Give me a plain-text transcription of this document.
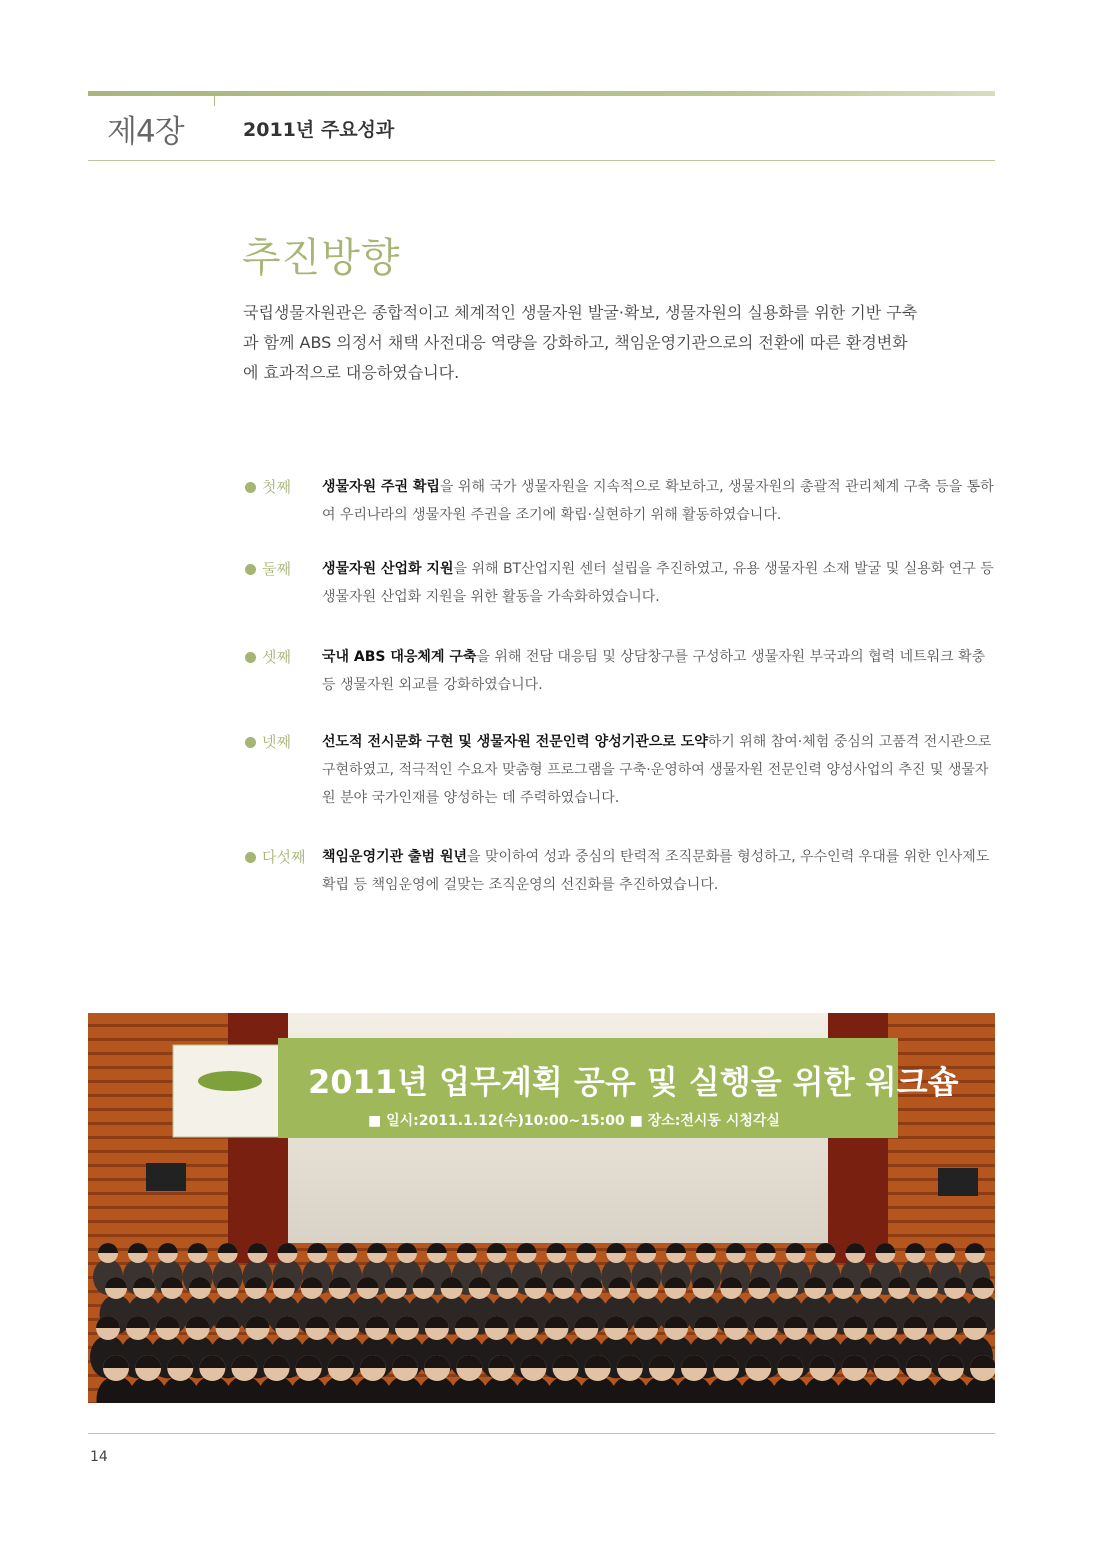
제4장	2011년 주요성과
추진방향
국립생물자원관은 종합적이고 체계적인 생물자원 발굴·확보, 생물자원의 실용화를 위한 기반 구축과 함께 ABS 의정서 채택 사전대응 역량을 강화하고, 책임운영기관으로의 전환에 따른 환경변화에 효과적으로 대응하였습니다.
첫째 생물자원 주권 확립을 위해 국가 생물자원을 지속적으로 확보하고, 생물자원의 총괄적 관리체계 구축 등을 통하여 우리나라의 생물자원 주권을 조기에 확립·실현하기 위해 활동하였습니다.
둘째 생물자원 산업화 지원을 위해 BT산업지원 센터 설립을 추진하였고, 유용 생물자원 소재 발굴 및 실용화 연구 등 생물자원 산업화 지원을 위한 활동을 가속화하였습니다.
셋째 국내 ABS 대응체계 구축을 위해 전담 대응팀 및 상담창구를 구성하고 생물자원 부국과의 협력 네트워크 확충 등 생물자원 외교를 강화하였습니다.
넷째 선도적 전시문화 구현 및 생물자원 전문인력 양성기관으로 도약하기 위해 참여·체험 중심의 고품격 전시관으로 구현하였고, 적극적인 수요자 맞춤형 프로그램을 구축·운영하여 생물자원 전문인력 양성사업의 추진 및 생물자원 분야 국가인재를 양성하는 데 주력하였습니다.
다섯째 책임운영기관 출범 원년을 맞이하여 성과 중심의 탄력적 조직문화를 형성하고, 우수인력 우대를 위한 인사제도 확립 등 책임운영에 걸맞는 조직운영의 선진화를 추진하였습니다.
2011년 업무계획 공유 및 실행을 위한 워크숍
■ 일시:2011.1.12(수)10:00~15:00 ■ 장소:전시동 시청각실
14
